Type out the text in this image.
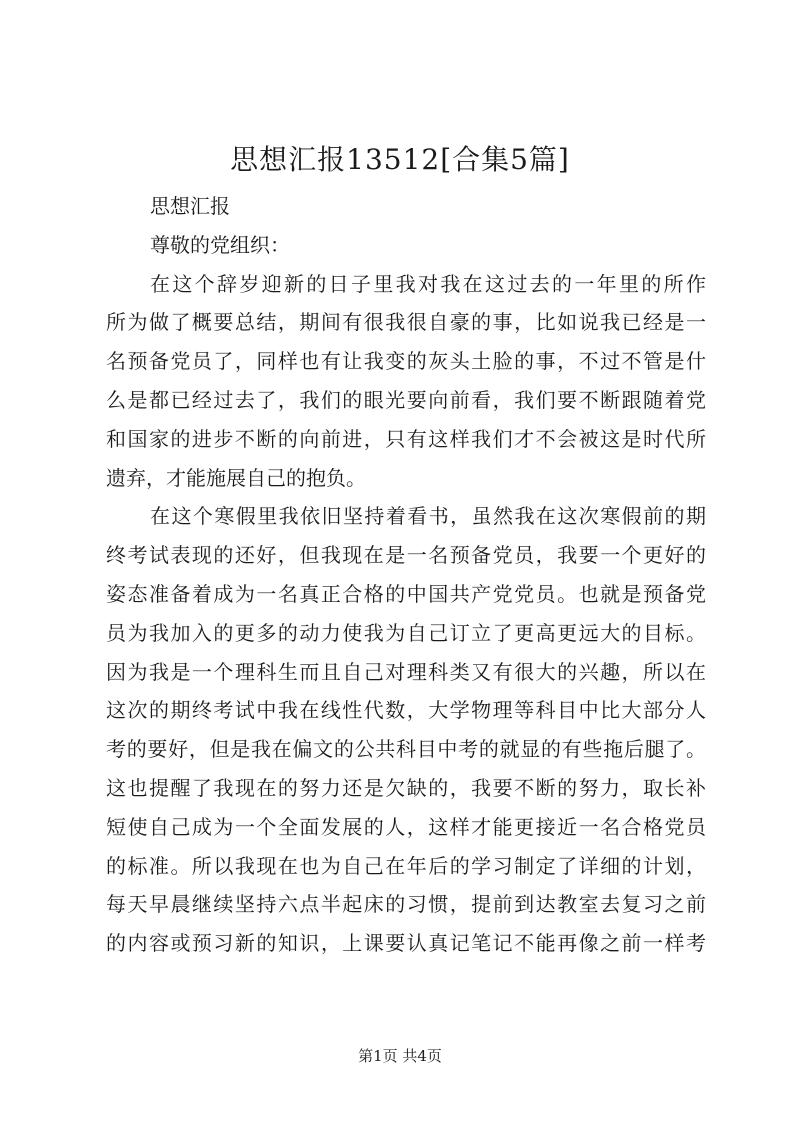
思想汇报13512[合集5篇]
思想汇报
尊敬的党组织：
在这个辞岁迎新的日子里我对我在这过去的一年里的所作
所为做了概要总结，期间有很我很自豪的事，比如说我已经是一
名预备党员了，同样也有让我变的灰头土脸的事，不过不管是什
么是都已经过去了，我们的眼光要向前看，我们要不断跟随着党
和国家的进步不断的向前进，只有这样我们才不会被这是时代所
遗弃，才能施展自己的抱负。
在这个寒假里我依旧坚持着看书，虽然我在这次寒假前的期
终考试表现的还好，但我现在是一名预备党员，我要一个更好的
姿态准备着成为一名真正合格的中国共产党党员。也就是预备党
员为我加入的更多的动力使我为自己订立了更高更远大的目标。
因为我是一个理科生而且自己对理科类又有很大的兴趣，所以在
这次的期终考试中我在线性代数，大学物理等科目中比大部分人
考的要好，但是我在偏文的公共科目中考的就显的有些拖后腿了。
这也提醒了我现在的努力还是欠缺的，我要不断的努力，取长补
短使自己成为一个全面发展的人，这样才能更接近一名合格党员
的标准。所以我现在也为自己在年后的学习制定了详细的计划，
每天早晨继续坚持六点半起床的习惯，提前到达教室去复习之前
的内容或预习新的知识，上课要认真记笔记不能再像之前一样考
第1页 共4页
